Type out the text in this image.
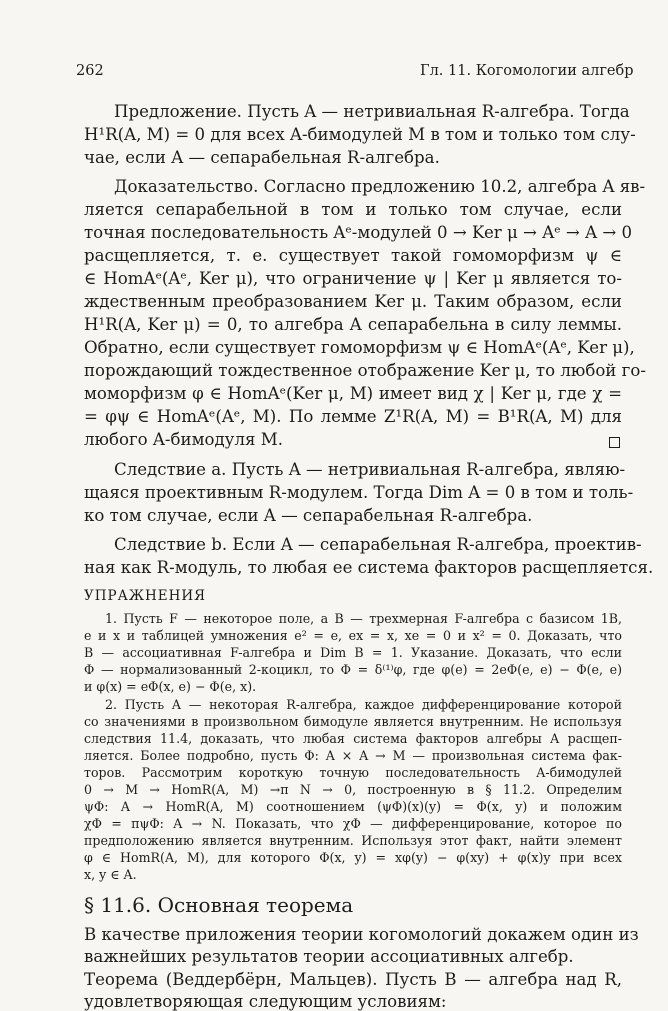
262	Гл. 11. Когомологии алгебр
Предложение. Пусть A — нетривиальная R-алгебра. Тогда
H¹R(A, M) = 0 для всех A-бимодулей M в том и только том слу-
чае, если A — сепарабельная R-алгебра.
Доказательство. Согласно предложению 10.2, алгебра A яв-
ляется сепарабельной в том и только том случае, если
точная последовательность Aᵉ-модулей 0 → Ker μ → Aᵉ → A → 0
расщепляется, т. е. существует такой гомоморфизм ψ ∈
∈ HomAᵉ(Aᵉ, Ker μ), что ограничение ψ | Ker μ является то-
ждественным преобразованием Ker μ. Таким образом, если
H¹R(A, Ker μ) = 0, то алгебра A сепарабельна в силу леммы.
Обратно, если существует гомоморфизм ψ ∈ HomAᵉ(Aᵉ, Ker μ),
порождающий тождественное отображение Ker μ, то любой го-
моморфизм φ ∈ HomAᵉ(Ker μ, M) имеет вид χ | Ker μ, где χ =
= φψ ∈ HomAᵉ(Aᵉ, M). По лемме Z¹R(A, M) = B¹R(A, M) для
любого A-бимодуля M.
Следствие a. Пусть A — нетривиальная R-алгебра, являю-
щаяся проективным R-модулем. Тогда Dim A = 0 в том и толь-
ко том случае, если A — сепарабельная R-алгебра.
Следствие b. Если A — сепарабельная R-алгебра, проектив-
ная как R-модуль, то любая ее система факторов расщепляется.
УПРАЖНЕНИЯ
1. Пусть F — некоторое поле, а B — трехмерная F-алгебра с базисом 1B,
e и x и таблицей умножения e² = e, ex = x, xe = 0 и x² = 0. Доказать, что
B — ассоциативная F-алгебра и Dim B = 1. Указание. Доказать, что если
Φ — нормализованный 2-коцикл, то Φ = δ⁽¹⁾φ, где φ(e) = 2eΦ(e, e) − Φ(e, e)
и φ(x) = eΦ(x, e) − Φ(e, x).
2. Пусть A — некоторая R-алгебра, каждое дифференцирование которой
со значениями в произвольном бимодуле является внутренним. Не используя
следствия 11.4, доказать, что любая система факторов алгебры A расщеп-
ляется. Более подробно, пусть Φ: A × A → M — произвольная система фак-
торов. Рассмотрим короткую точную последовательность A-бимодулей
0 → M → HomR(A, M) →π N → 0, построенную в § 11.2. Определим
ψΦ: A → HomR(A, M) соотношением (ψΦ)(x)(y) = Φ(x, y) и положим
χΦ = πψΦ: A → N. Показать, что χΦ — дифференцирование, которое по
предположению является внутренним. Используя этот факт, найти элемент
φ ∈ HomR(A, M), для которого Φ(x, y) = xφ(y) − φ(xy) + φ(x)y при всех
x, y ∈ A.
§ 11.6. Основная теорема
В качестве приложения теории когомологий докажем один из
важнейших результатов теории ассоциативных алгебр.
Теорема (Веддербёрн, Мальцев). Пусть B — алгебра над R,
удовлетворяющая следующим условиям:
